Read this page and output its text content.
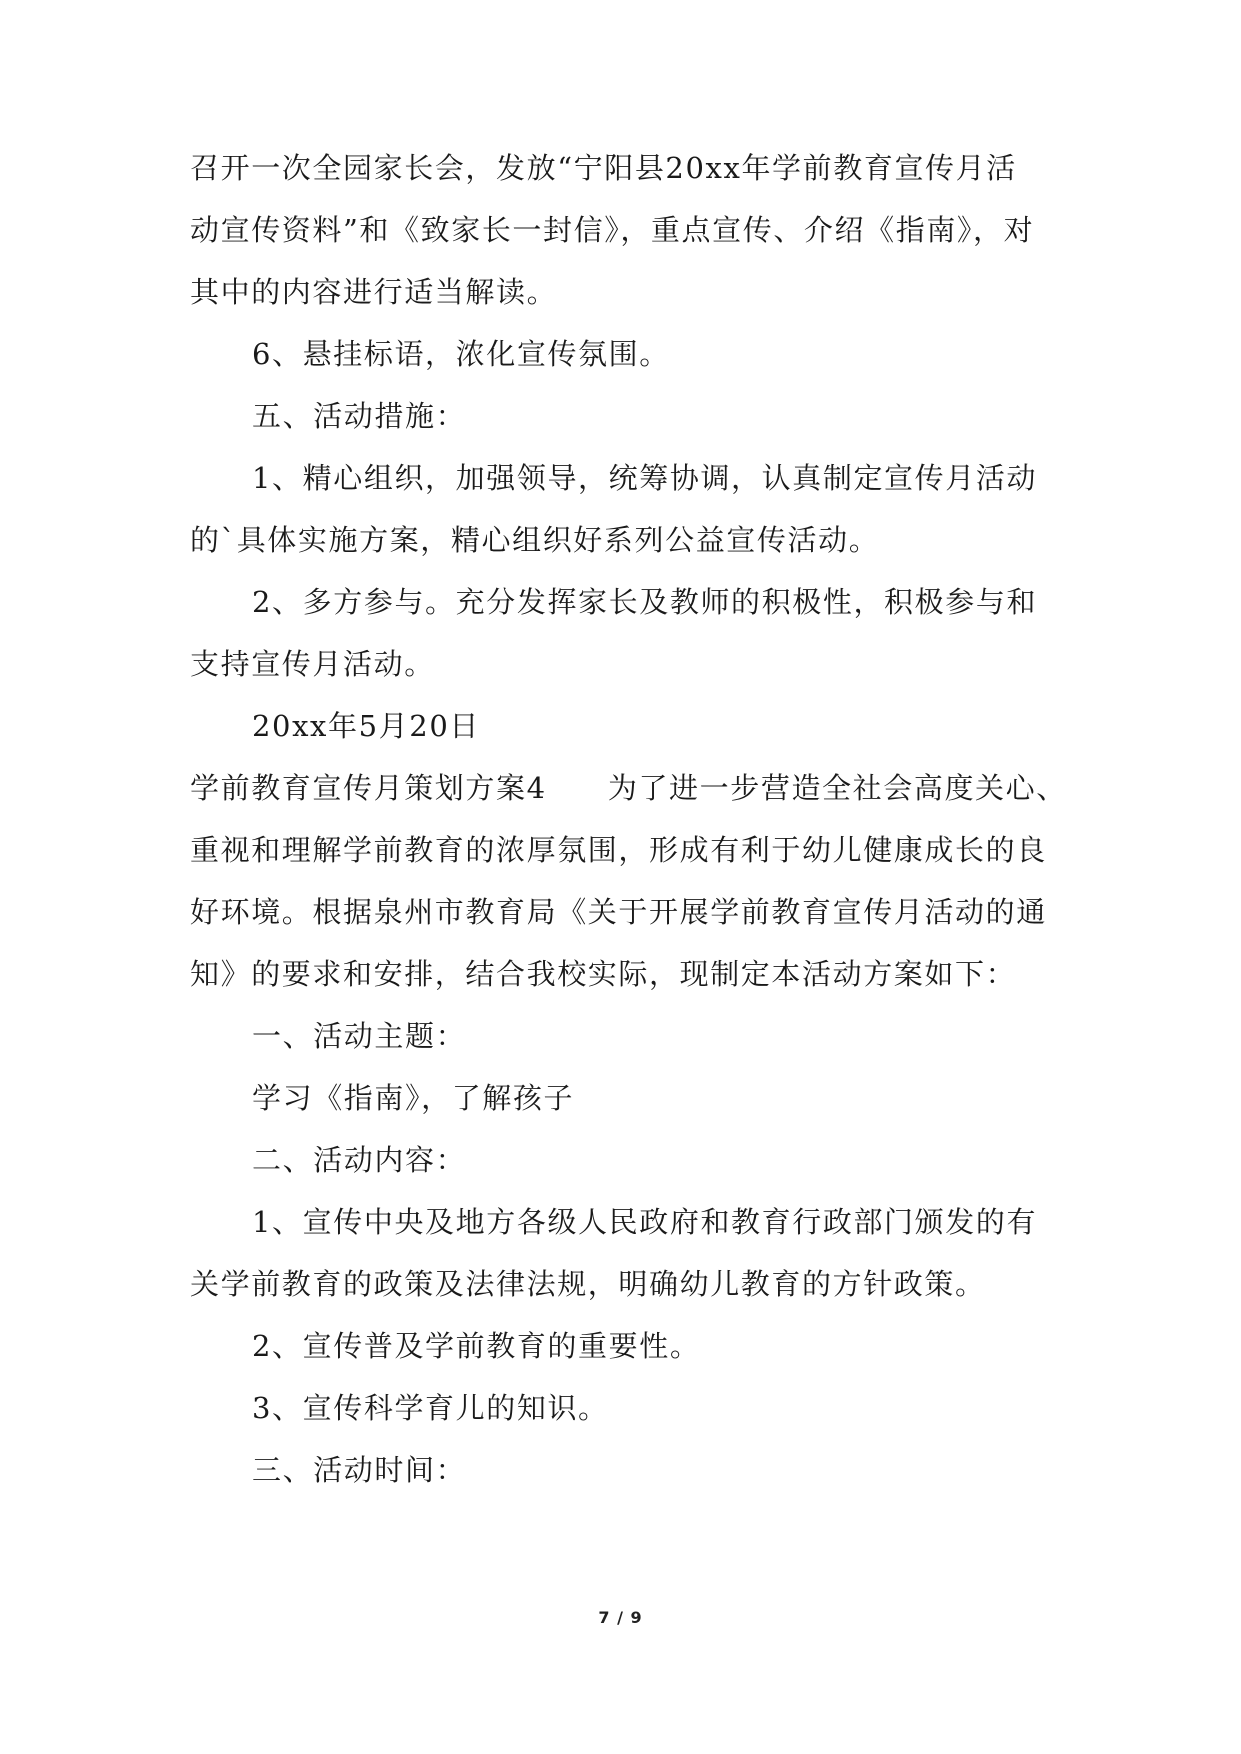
召开一次全园家长会，发放“宁阳县20xx年学前教育宣传月活

动宣传资料”和《致家长一封信》，重点宣传、介绍《指南》，对

其中的内容进行适当解读。

6、悬挂标语，浓化宣传氛围。

五、活动措施：

1、精心组织，加强领导，统筹协调，认真制定宣传月活动

的`具体实施方案，精心组织好系列公益宣传活动。

2、多方参与。充分发挥家长及教师的积极性，积极参与和

支持宣传月活动。

20xx年5月20日

学前教育宣传月策划方案4　　为了进一步营造全社会高度关心、

重视和理解学前教育的浓厚氛围，形成有利于幼儿健康成长的良

好环境。根据泉州市教育局《关于开展学前教育宣传月活动的通

知》的要求和安排，结合我校实际，现制定本活动方案如下：

一、活动主题：

学习《指南》，了解孩子

二、活动内容：

1、宣传中央及地方各级人民政府和教育行政部门颁发的有

关学前教育的政策及法律法规，明确幼儿教育的方针政策。

2、宣传普及学前教育的重要性。

3、宣传科学育儿的知识。

三、活动时间：

7 / 9
